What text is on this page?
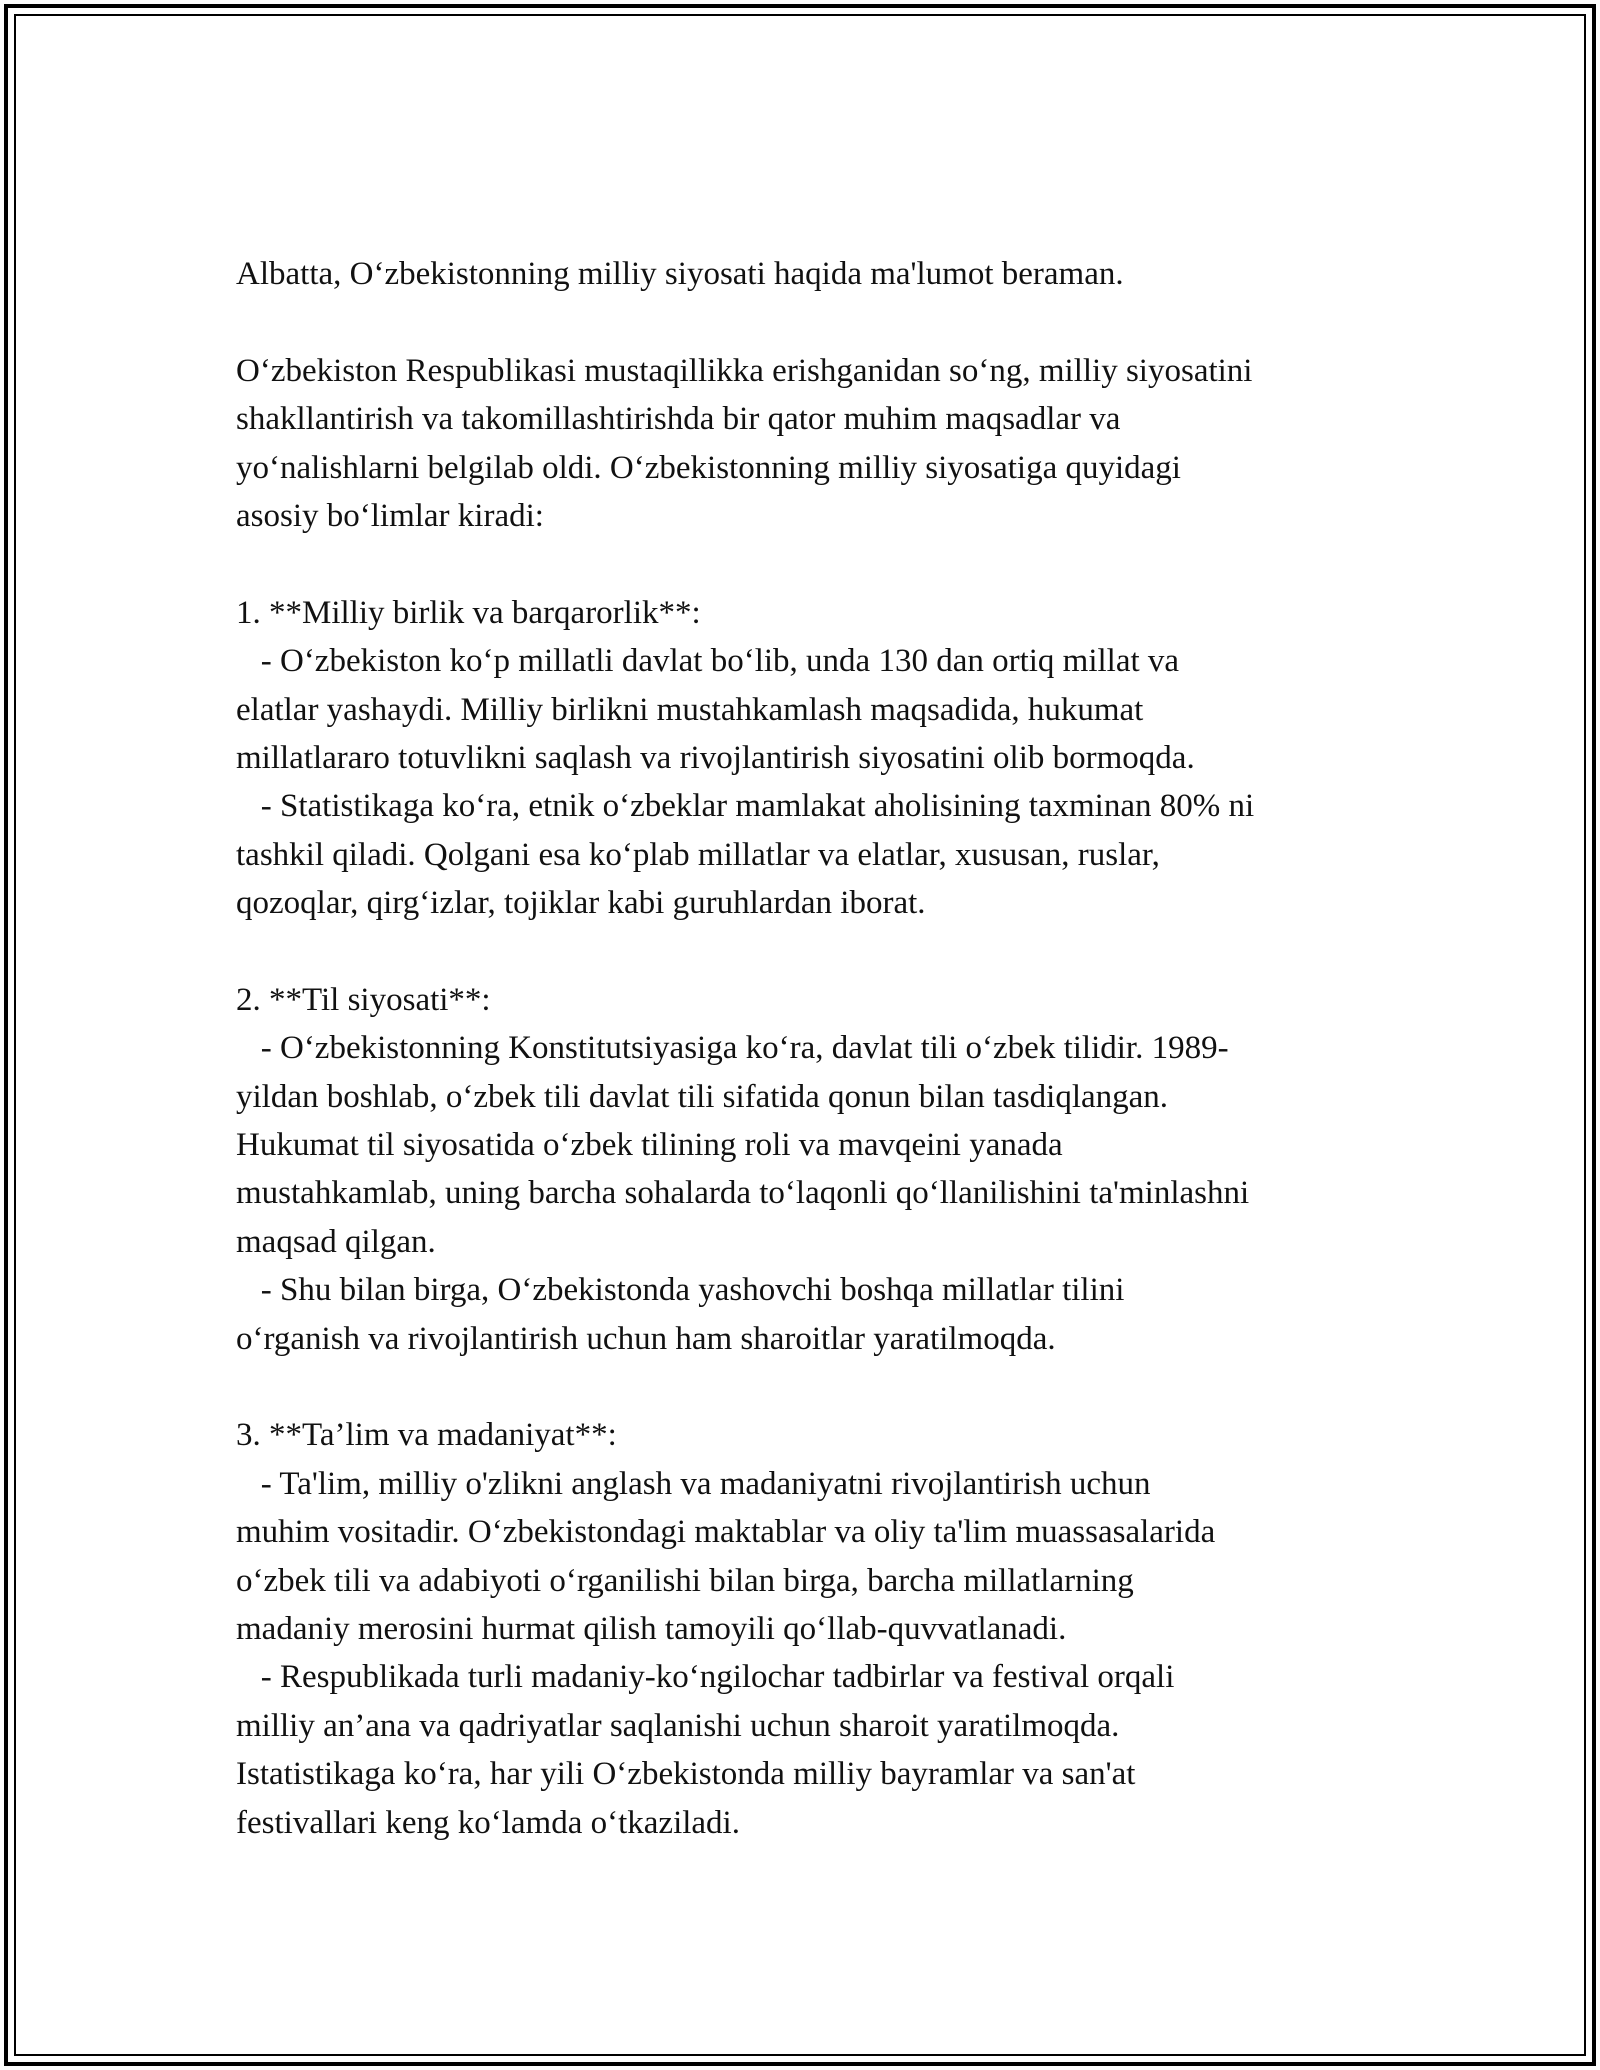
Albatta, O‘zbekistonning milliy siyosati haqida ma'lumot beraman.
O‘zbekiston Respublikasi mustaqillikka erishganidan so‘ng, milliy siyosatini
shakllantirish va takomillashtirishda bir qator muhim maqsadlar va
yo‘nalishlarni belgilab oldi. O‘zbekistonning milliy siyosatiga quyidagi
asosiy bo‘limlar kiradi:
1. **Milliy birlik va barqarorlik**:
- O‘zbekiston ko‘p millatli davlat bo‘lib, unda 130 dan ortiq millat va
elatlar yashaydi. Milliy birlikni mustahkamlash maqsadida, hukumat
millatlararo totuvlikni saqlash va rivojlantirish siyosatini olib bormoqda.
- Statistikaga ko‘ra, etnik o‘zbeklar mamlakat aholisining taxminan 80% ni
tashkil qiladi. Qolgani esa ko‘plab millatlar va elatlar, xususan, ruslar,
qozoqlar, qirg‘izlar, tojiklar kabi guruhlardan iborat.
2. **Til siyosati**:
- O‘zbekistonning Konstitutsiyasiga ko‘ra, davlat tili o‘zbek tilidir. 1989-
yildan boshlab, o‘zbek tili davlat tili sifatida qonun bilan tasdiqlangan.
Hukumat til siyosatida o‘zbek tilining roli va mavqeini yanada
mustahkamlab, uning barcha sohalarda to‘laqonli qo‘llanilishini ta'minlashni
maqsad qilgan.
- Shu bilan birga, O‘zbekistonda yashovchi boshqa millatlar tilini
o‘rganish va rivojlantirish uchun ham sharoitlar yaratilmoqda.
3. **Ta’lim va madaniyat**:
- Ta'lim, milliy o'zlikni anglash va madaniyatni rivojlantirish uchun
muhim vositadir. O‘zbekistondagi maktablar va oliy ta'lim muassasalarida
o‘zbek tili va adabiyoti o‘rganilishi bilan birga, barcha millatlarning
madaniy merosini hurmat qilish tamoyili qo‘llab-quvvatlanadi.
- Respublikada turli madaniy-ko‘ngilochar tadbirlar va festival orqali
milliy an’ana va qadriyatlar saqlanishi uchun sharoit yaratilmoqda.
Istatistikaga ko‘ra, har yili O‘zbekistonda milliy bayramlar va san'at
festivallari keng ko‘lamda o‘tkaziladi.
